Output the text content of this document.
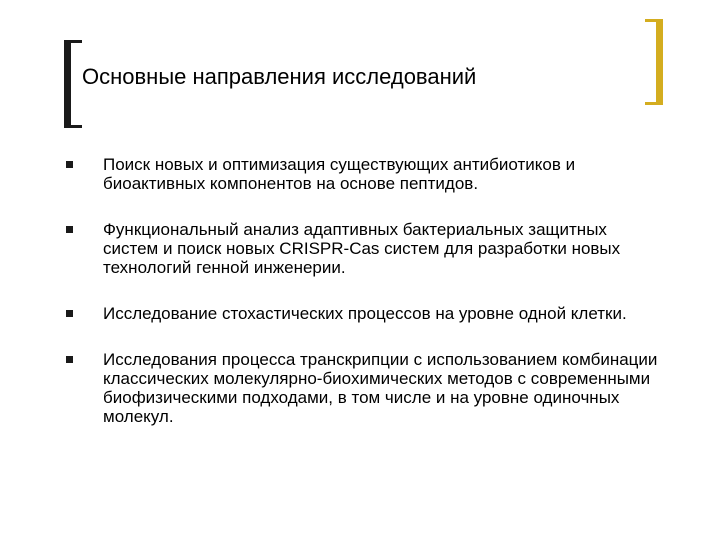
Основные направления исследований
Поиск новых и оптимизация существующих антибиотиков и биоактивных компонентов на основе пептидов.
Функциональный анализ адаптивных бактериальных защитных систем и поиск новых CRISPR-Cas систем для разработки новых технологий генной инженерии.
Исследование стохастических процессов на уровне одной клетки.
Исследования процесса транскрипции с использованием комбинации классических молекулярно-биохимических методов с современными биофизическими подходами, в том числе и на уровне одиночных молекул.
